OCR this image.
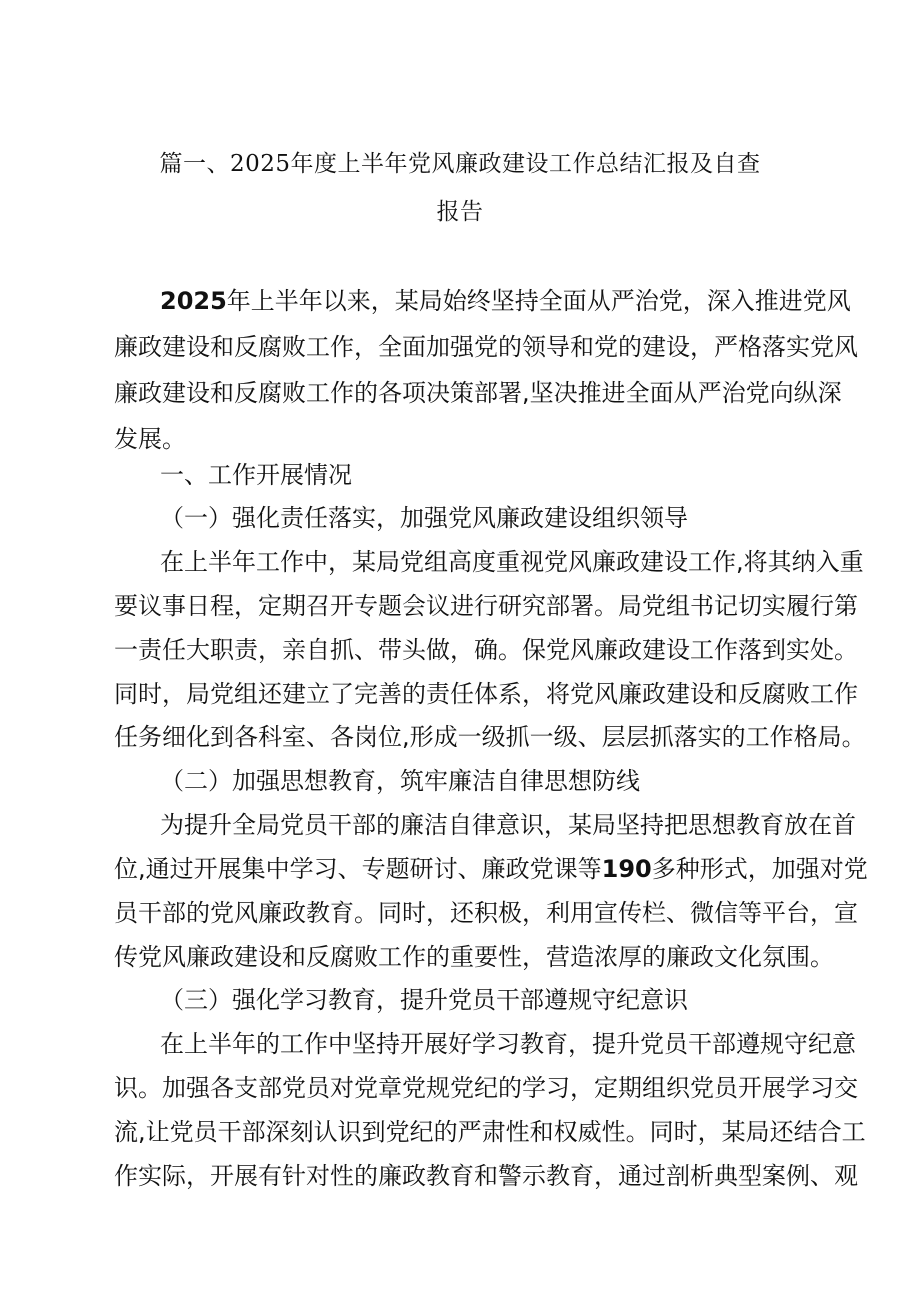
篇一、2025年度上半年党风廉政建设工作总结汇报及自查
报告
2025年上半年以来，某局始终坚持全面从严治党，深入推进党风
廉政建设和反腐败工作，全面加强党的领导和党的建设，严格落实党风
廉政建设和反腐败工作的各项决策部署,坚决推进全面从严治党向纵深
发展。
一、工作开展情况
（一）强化责任落实，加强党风廉政建设组织领导
在上半年工作中，某局党组高度重视党风廉政建设工作,将其纳入重
要议事日程，定期召开专题会议进行研究部署。局党组书记切实履行第
一责任大职责，亲自抓、带头做，确。保党风廉政建设工作落到实处。
同时，局党组还建立了完善的责任体系，将党风廉政建设和反腐败工作
任务细化到各科室、各岗位,形成一级抓一级、层层抓落实的工作格局。
（二）加强思想教育，筑牢廉洁自律思想防线
为提升全局党员干部的廉洁自律意识，某局坚持把思想教育放在首
位,通过开展集中学习、专题研讨、廉政党课等190多种形式，加强对党
员干部的党风廉政教育。同时，还积极，利用宣传栏、微信等平台，宣
传党风廉政建设和反腐败工作的重要性，营造浓厚的廉政文化氛围。
（三）强化学习教育，提升党员干部遵规守纪意识
在上半年的工作中坚持开展好学习教育，提升党员干部遵规守纪意
识。加强各支部党员对党章党规党纪的学习，定期组织党员开展学习交
流,让党员干部深刻认识到党纪的严肃性和权威性。同时，某局还结合工
作实际，开展有针对性的廉政教育和警示教育，通过剖析典型案例、观
